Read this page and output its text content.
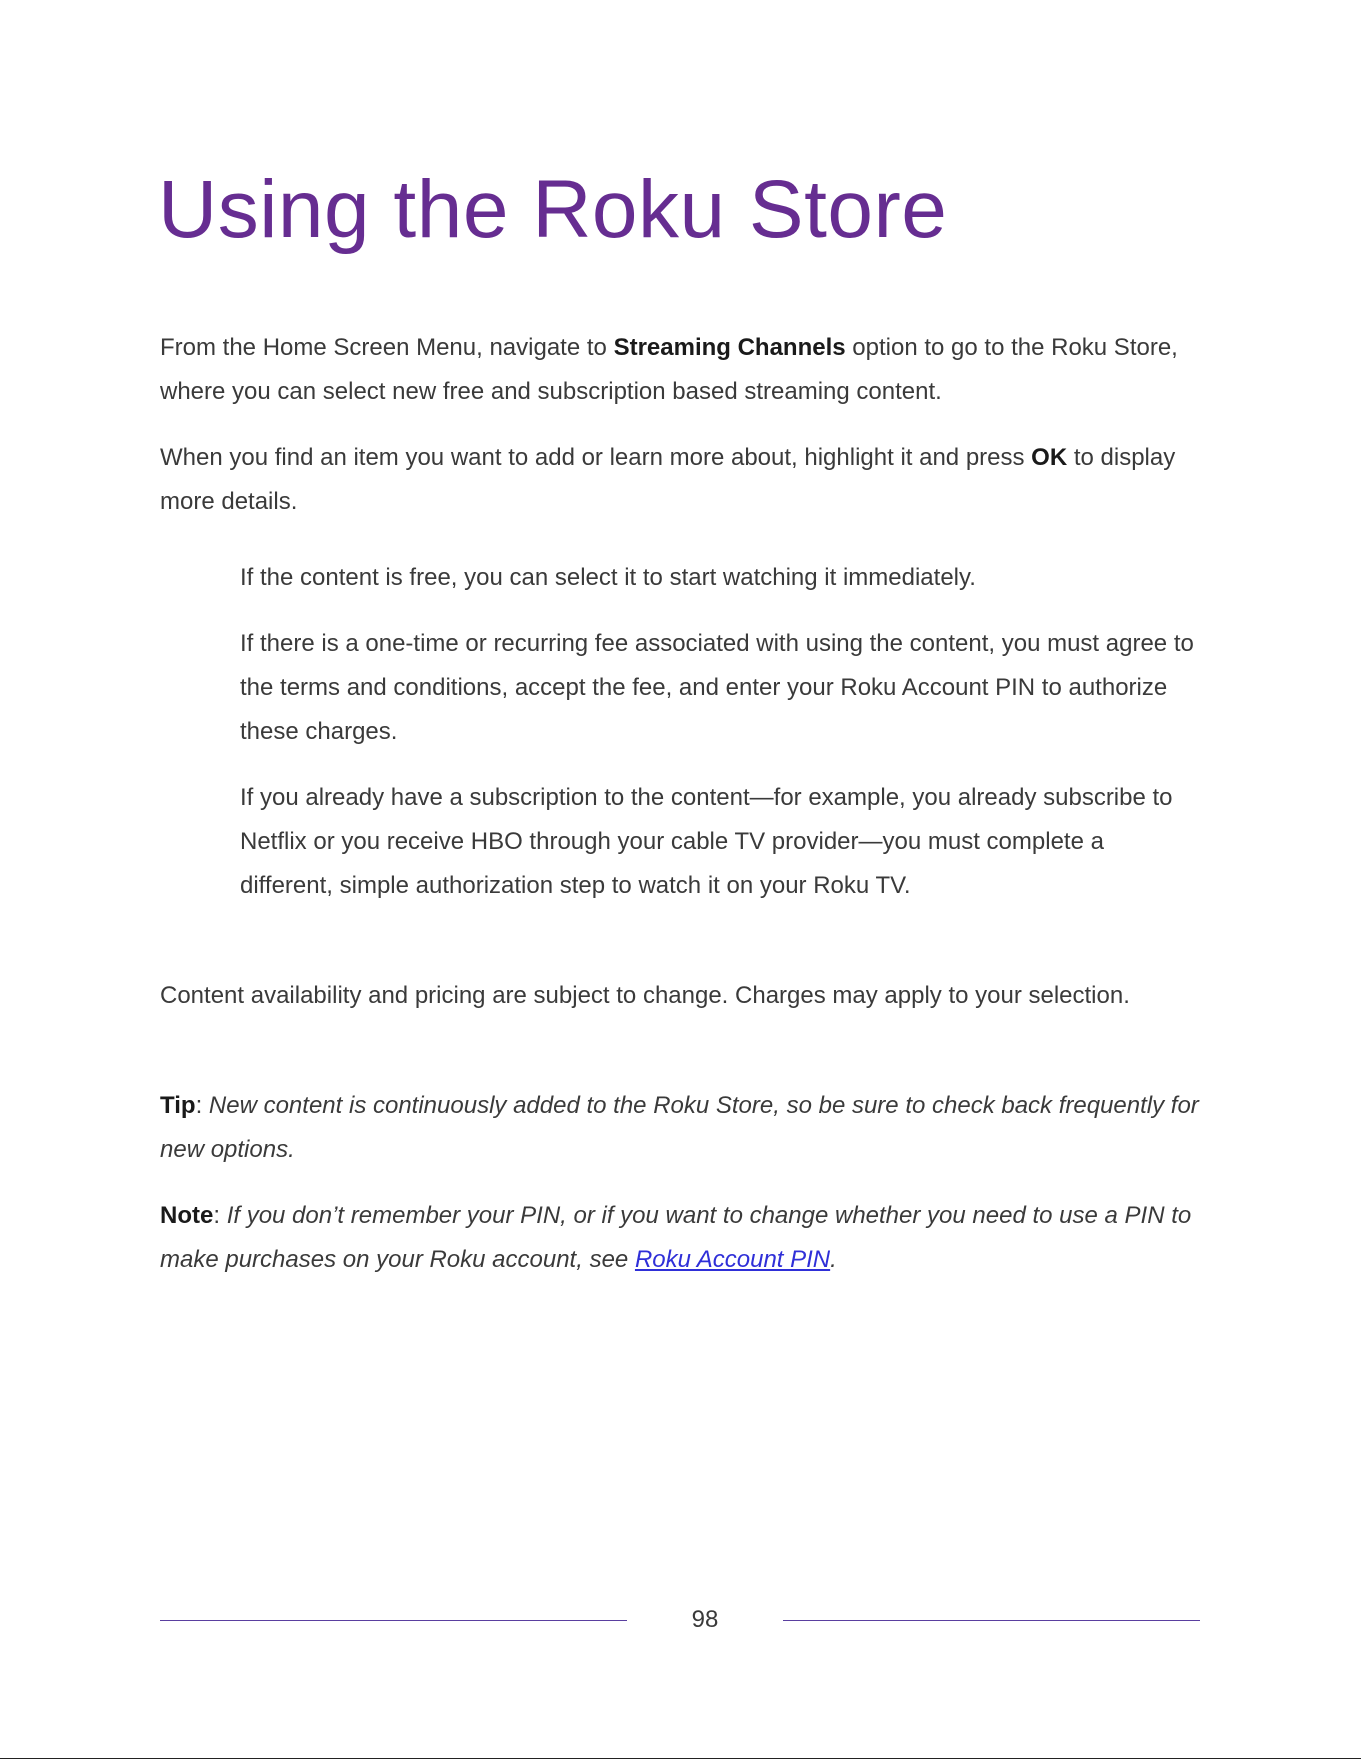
Using the Roku Store

From the Home Screen Menu, navigate to Streaming Channels option to go to the Roku Store, where you can select new free and subscription based streaming content.

When you find an item you want to add or learn more about, highlight it and press OK to display more details.

If the content is free, you can select it to start watching it immediately.

If there is a one-time or recurring fee associated with using the content, you must agree to the terms and conditions, accept the fee, and enter your Roku Account PIN to authorize these charges.

If you already have a subscription to the content—for example, you already subscribe to Netflix or you receive HBO through your cable TV provider—you must complete a different, simple authorization step to watch it on your Roku TV.

Content availability and pricing are subject to change. Charges may apply to your selection.

Tip: New content is continuously added to the Roku Store, so be sure to check back frequently for new options.

Note: If you don’t remember your PIN, or if you want to change whether you need to use a PIN to make purchases on your Roku account, see Roku Account PIN.

98
